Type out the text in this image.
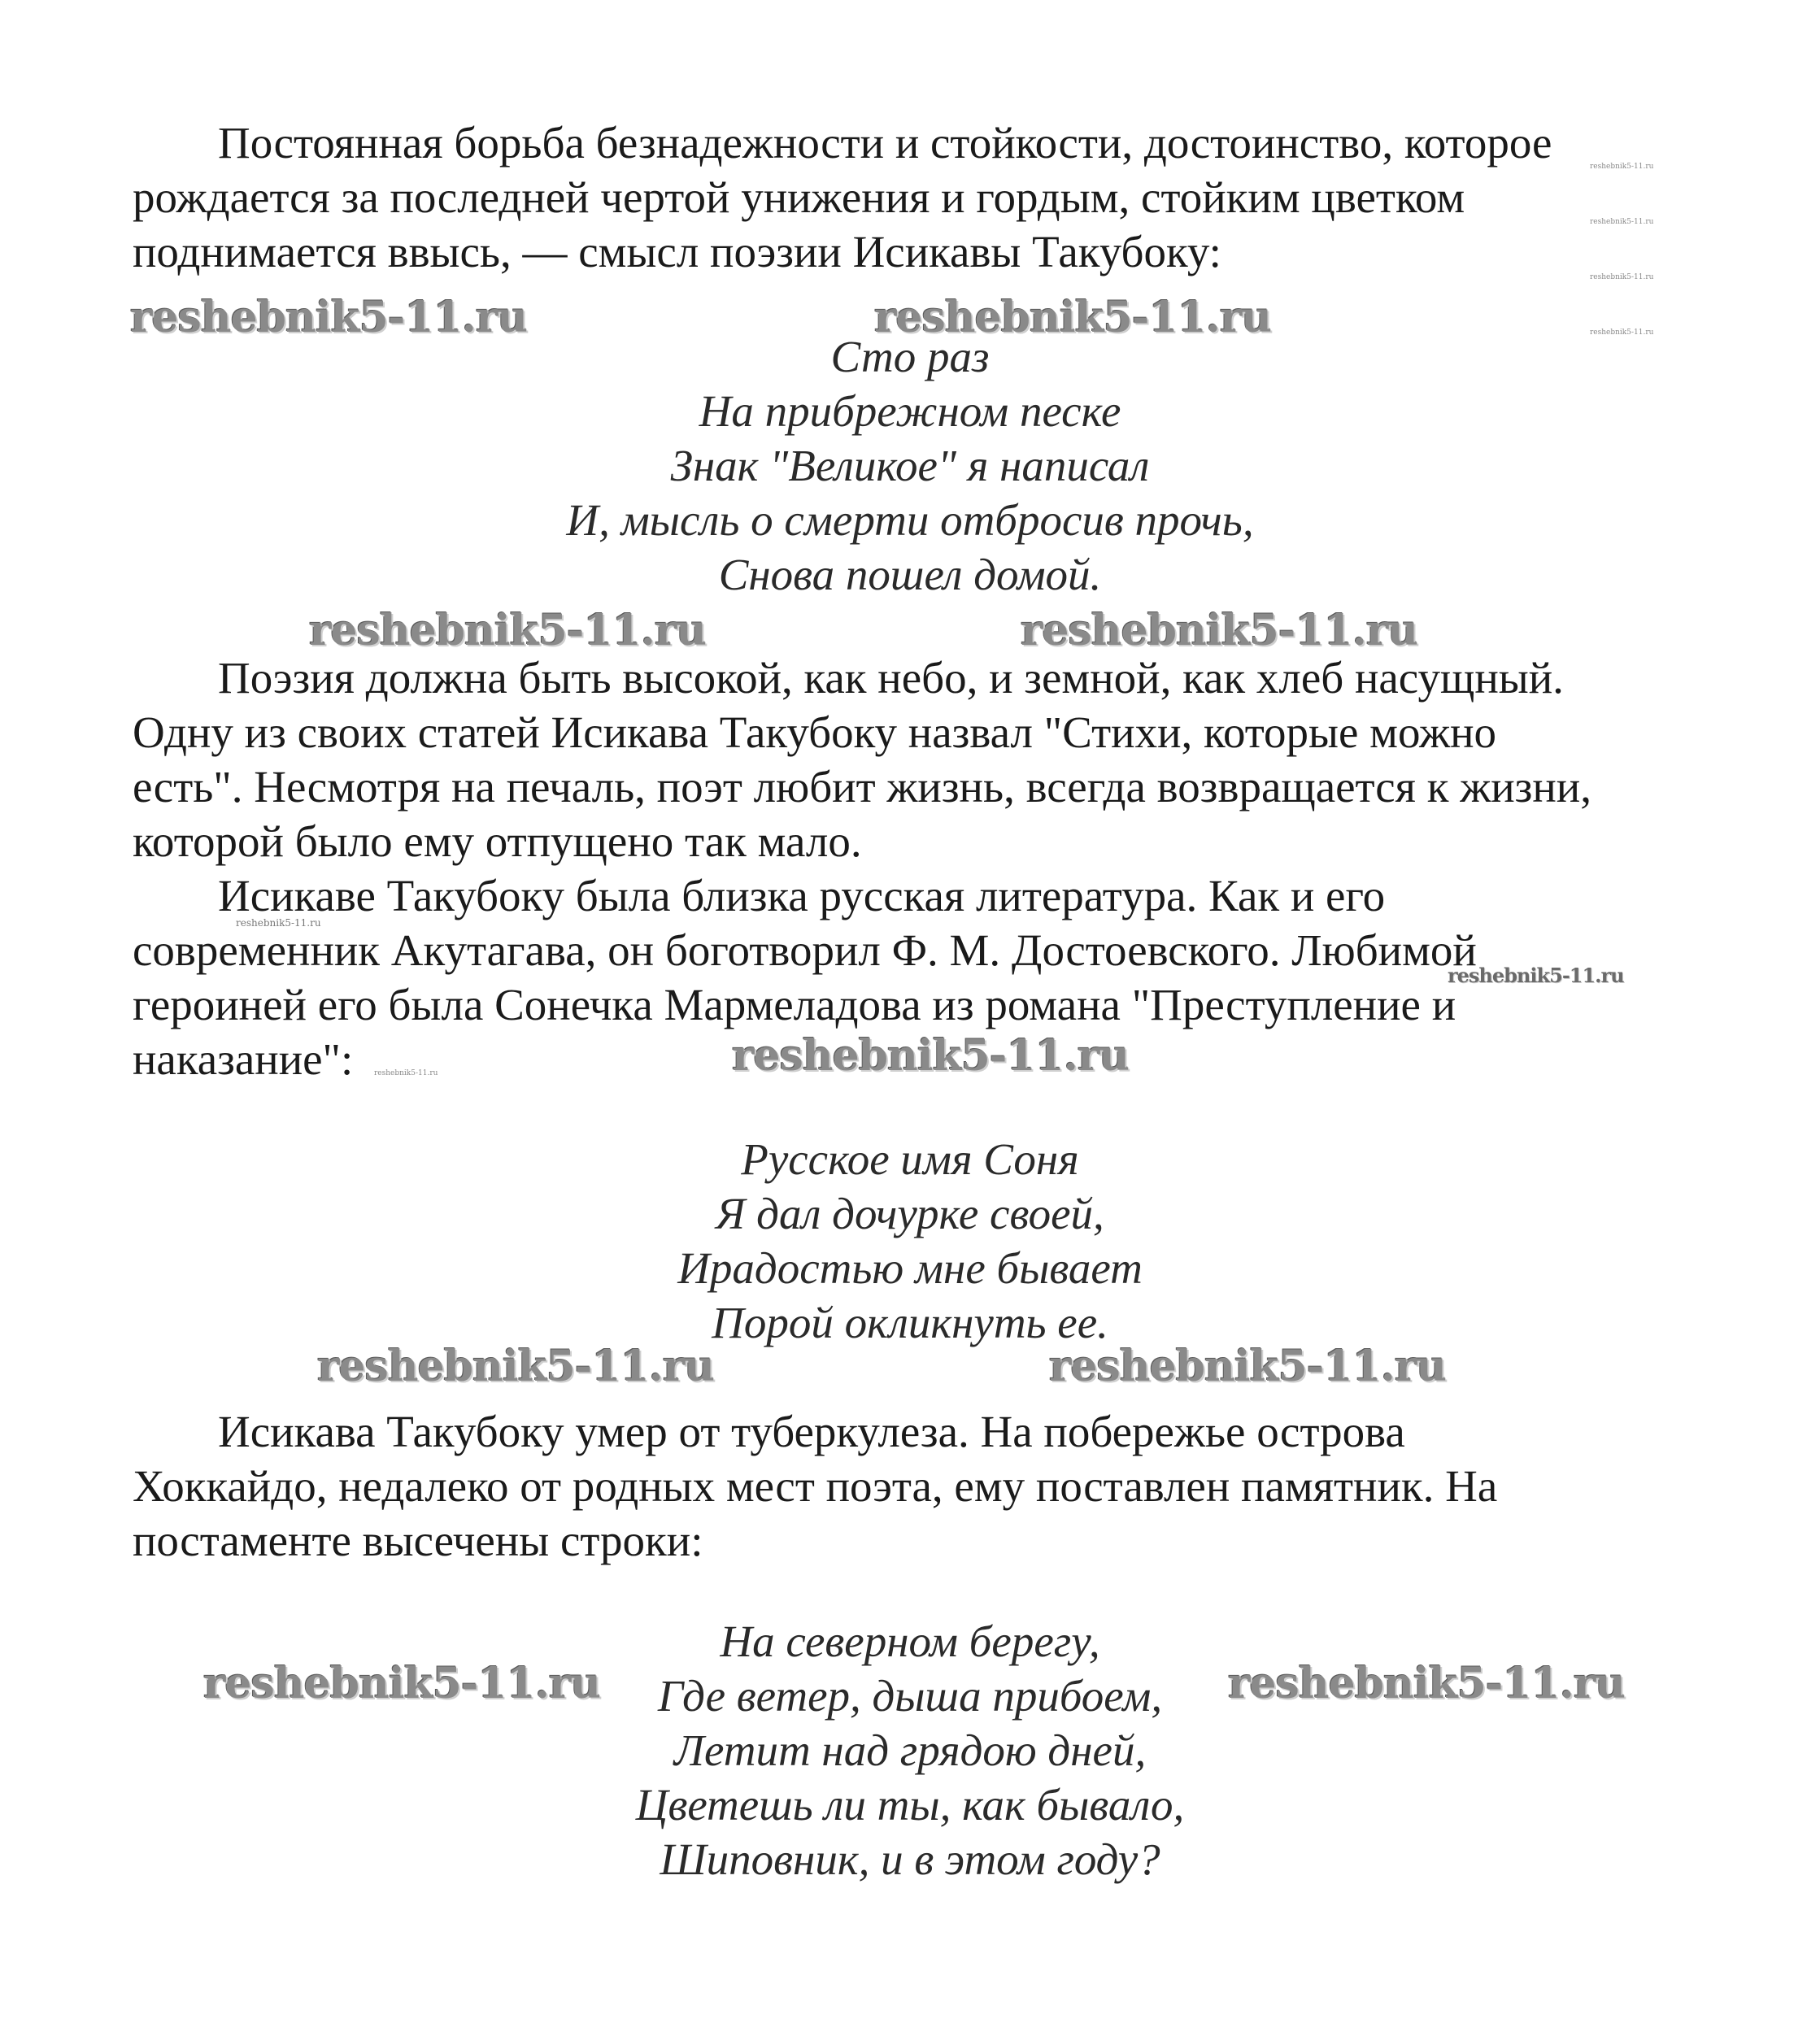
Постоянная борьба безнадежности и стойкости, достоинство, которое
рождается за последней чертой унижения и гордым, стойким цветком
поднимается ввысь, — смысл поэзии Исикавы Такубоку:

Сто раз
На прибрежном песке
Знак "Великое" я написал
И, мысль о смерти отбросив прочь,
Снова пошел домой.

Поэзия должна быть высокой, как небо, и земной, как хлеб насущный.
Одну из своих статей Исикава Такубоку назвал "Стихи, которые можно
есть". Несмотря на печаль, поэт любит жизнь, всегда возвращается к жизни,
которой было ему отпущено так мало.

Исикаве Такубоку была близка русская литература. Как и его
современник Акутагава, он боготворил Ф. М. Достоевского. Любимой
героиней его была Сонечка Мармеладова из романа "Преступление и
наказание":

Русское имя Соня
Я дал дочурке своей,
Ирадостью мне бывает
Порой окликнуть ее.

Исикава Такубоку умер от туберкулеза. На побережье острова
Хоккайдо, недалеко от родных мест поэта, ему поставлен памятник. На
постаменте высечены строки:

На северном берегу,
Где ветер, дыша прибоем,
Летит над грядою дней,
Цветешь ли ты, как бывало,
Шиповник, и в этом году?
reshebnik5-11.ru	reshebnik5-11.ru
reshebnik5-11.ru
reshebnik5-11.ru
reshebnik5-11.ru
reshebnik5-11.ru
reshebnik5-11.ru	reshebnik5-11.ru
reshebnik5-11.ru
reshebnik5-11.ru
reshebnik5-11.ru	reshebnik5-11.ru
reshebnik5-11.ru	reshebnik5-11.ru
reshebnik5-11.ru	reshebnik5-11.ru
